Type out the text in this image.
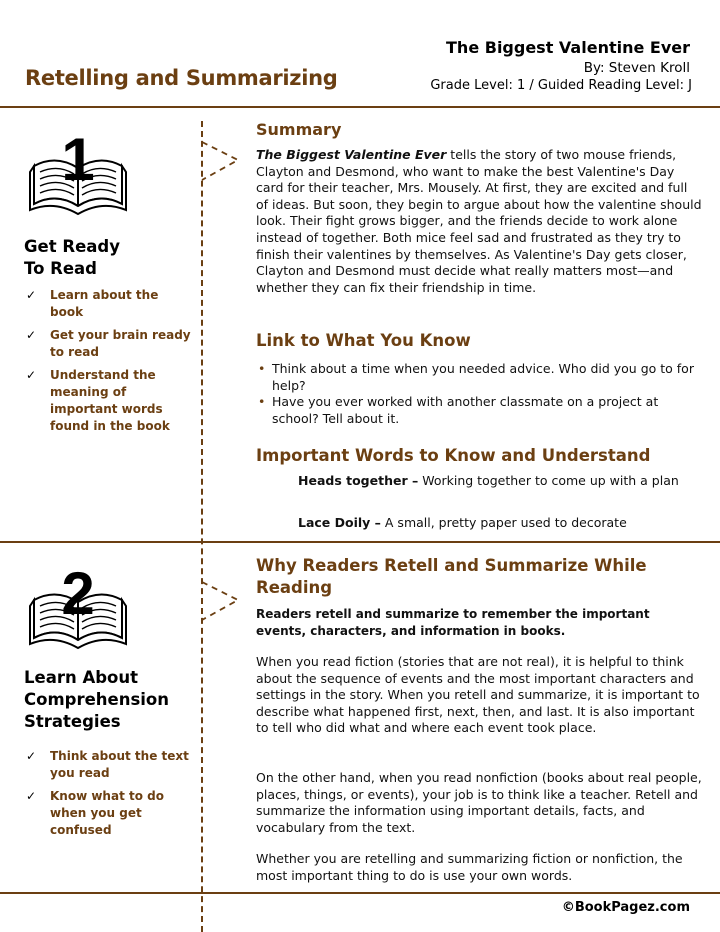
The Biggest Valentine Ever
By: Steven Kroll
Grade Level: 1 / Guided Reading Level: J
Retelling and Summarizing
1
Get Ready
To Read
✓ Learn about the book
✓ Get your brain ready to read
✓ Understand the meaning of important words found in the book
Summary
The Biggest Valentine Ever tells the story of two mouse friends, Clayton and Desmond, who want to make the best Valentine's Day card for their teacher, Mrs. Mousely. At first, they are excited and full of ideas. But soon, they begin to argue about how the valentine should look. Their fight grows bigger, and the friends decide to work alone instead of together. Both mice feel sad and frustrated as they try to finish their valentines by themselves. As Valentine's Day gets closer, Clayton and Desmond must decide what really matters most—and whether they can fix their friendship in time.
Link to What You Know
• Think about a time when you needed advice. Who did you go to for help?
• Have you ever worked with another classmate on a project at school? Tell about it.
Important Words to Know and Understand
Heads together – Working together to come up with a plan
Lace Doily – A small, pretty paper used to decorate
2
Learn About
Comprehension
Strategies
✓ Think about the text you read
✓ Know what to do when you get confused
Why Readers Retell and Summarize While
Reading
Readers retell and summarize to remember the important events, characters, and information in books.
When you read fiction (stories that are not real), it is helpful to think about the sequence of events and the most important characters and settings in the story. When you retell and summarize, it is important to describe what happened first, next, then, and last. It is also important to tell who did what and where each event took place.
On the other hand, when you read nonfiction (books about real people, places, things, or events), your job is to think like a teacher. Retell and summarize the information using important details, facts, and vocabulary from the text.
Whether you are retelling and summarizing fiction or nonfiction, the most important thing to do is use your own words.
©BookPagez.com
